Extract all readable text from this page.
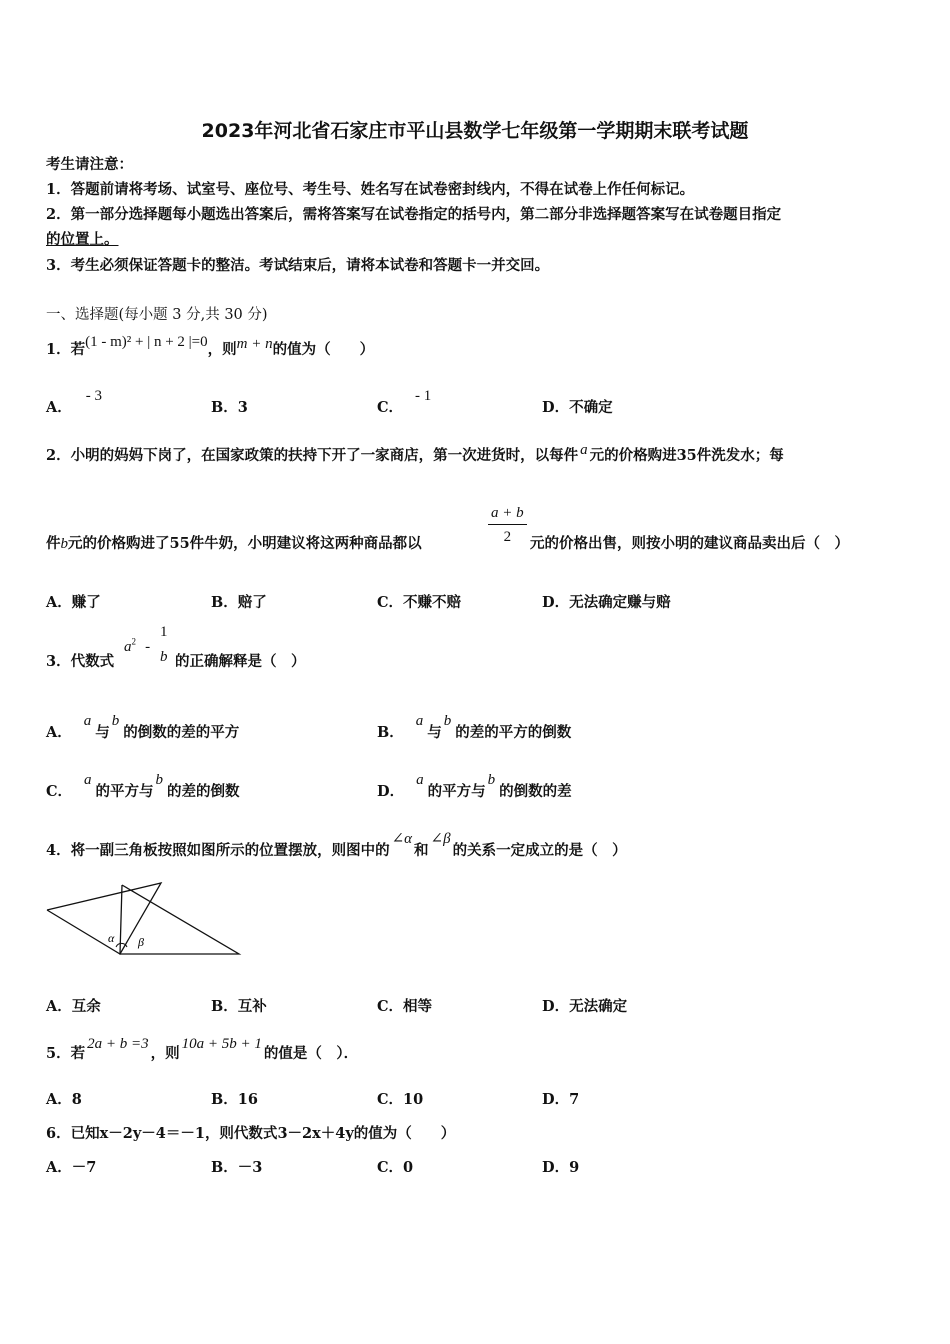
2023年河北省石家庄市平山县数学七年级第一学期期末联考试题
考生请注意：
1．答题前请将考场、试室号、座位号、考生号、姓名写在试卷密封线内，不得在试卷上作任何标记。
2．第一部分选择题每小题选出答案后，需将答案写在试卷指定的括号内，第二部分非选择题答案写在试卷题目指定
的位置上。
3．考生必须保证答题卡的整洁。考试结束后，请将本试卷和答题卡一并交回。
一、选择题(每小题 3 分,共 30 分)
1．若(1 - m)² + | n + 2 |=0，则m + n的值为（　　）
A．- 3
B．3	C．- 1
D．不确定
2．小明的妈妈下岗了，在国家政策的扶持下开了一家商店，第一次进货时，以每件 a 元的价格购进35件洗发水；每
件b元的价格购进了55件牛奶，小明建议将这两种商品都以	$\frac{a + b}{2}$ 元的价格出售，则按小明的建议商品卖出后（　）
A．赚了	B．赔了	C．不赚不赔	D．无法确定赚与赔
3．代数式
$a^2$ -
1
b 的正确解释是（　）
A．a与b的倒数的差的平方	B．a与b的差的平方的倒数
C．a的平方与b的差的倒数	D．a的平方与b的倒数的差
4．将一副三角板按照如图所示的位置摆放，则图中的∠α和∠β的关系一定成立的是（　）
α β
A．互余	B．互补	C．相等	D．无法确定
5．若2a + b =3，则10a + 5b + 1的值是（　）．
A．8	B．16	C．10	D．7
6．已知x－2y－4＝－1，则代数式3－2x＋4y的值为（　　）
A．－7	B．－3	C．0	D．9
